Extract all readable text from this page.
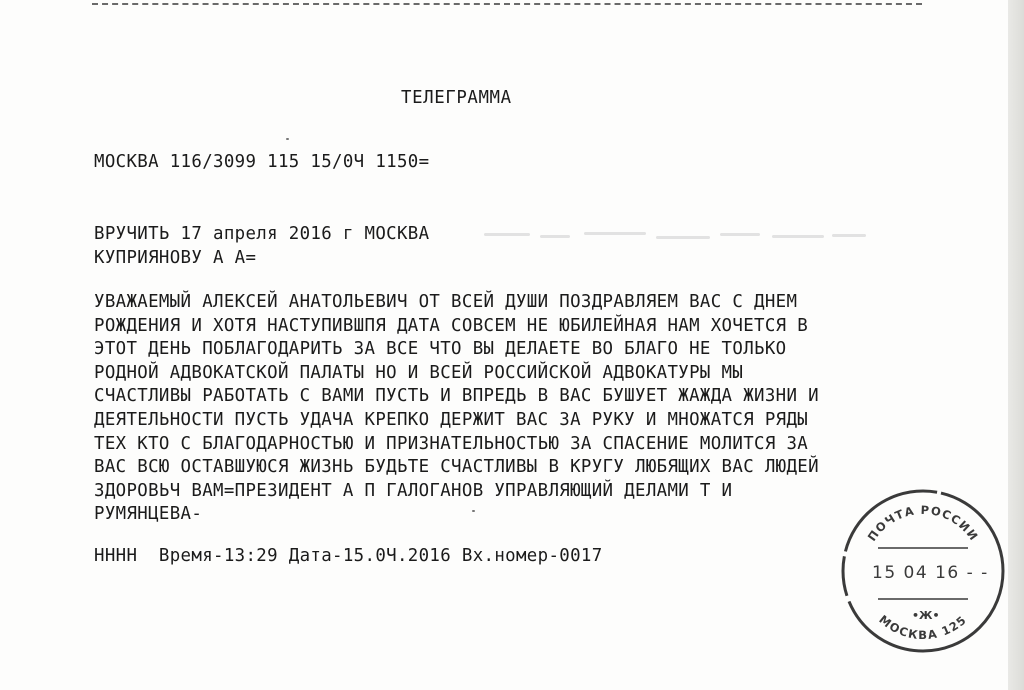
ТЕЛЕГРАММА
МОСКВА 116/3099 115 15/0Ч 1150=
ВРУЧИТЬ 17 апреля 2016 г МОСКВА
КУПРИЯНОВУ А А=
УВАЖАЕМЫЙ АЛЕКСЕЙ АНАТОЛЬЕВИЧ ОТ ВСЕЙ ДУШИ ПОЗДРАВЛЯЕМ ВАС С ДНЕМ
РОЖДЕНИЯ И ХОТЯ НАСТУПИВШПЯ ДАТА СОВСЕМ НЕ ЮБИЛЕЙНАЯ НАМ ХОЧЕТСЯ В
ЭТОТ ДЕНЬ ПОБЛАГОДАРИТЬ ЗА ВСЕ ЧТО ВЫ ДЕЛАЕТЕ ВО БЛАГО НЕ ТОЛЬКО
РОДНОЙ АДВОКАТСКОЙ ПАЛАТЫ НО И ВСЕЙ РОССИЙСКОЙ АДВОКАТУРЫ МЫ
СЧАСТЛИВЫ РАБОТАТЬ С ВАМИ ПУСТЬ И ВПРЕДЬ В ВАС БУШУЕТ ЖАЖДА ЖИЗНИ И
ДЕЯТЕЛЬНОСТИ ПУСТЬ УДАЧА КРЕПКО ДЕРЖИТ ВАС ЗА РУКУ И МНОЖАТСЯ РЯДЫ
ТЕХ КТО С БЛАГОДАРНОСТЬЮ И ПРИЗНАТЕЛЬНОСТЬЮ ЗА СПАСЕНИЕ МОЛИТСЯ ЗА
ВАС ВСЮ ОСТАВШУЮСЯ ЖИЗНЬ БУДЬТЕ СЧАСТЛИВЫ В КРУГУ ЛЮБЯЩИХ ВАС ЛЮДЕЙ
ЗДОРОВЬЧ ВАМ=ПРЕЗИДЕНТ А П ГАЛОГАНОВ УПРАВЛЯЮЩИЙ ДЕЛАМИ Т И
РУМЯНЦЕВА-
НННН  Время-13:29 Дата-15.0Ч.2016 Вх.номер-0017
ПОЧТА РОССИИ
МОСКВА 125
15 04 16 - -
•Ж•
